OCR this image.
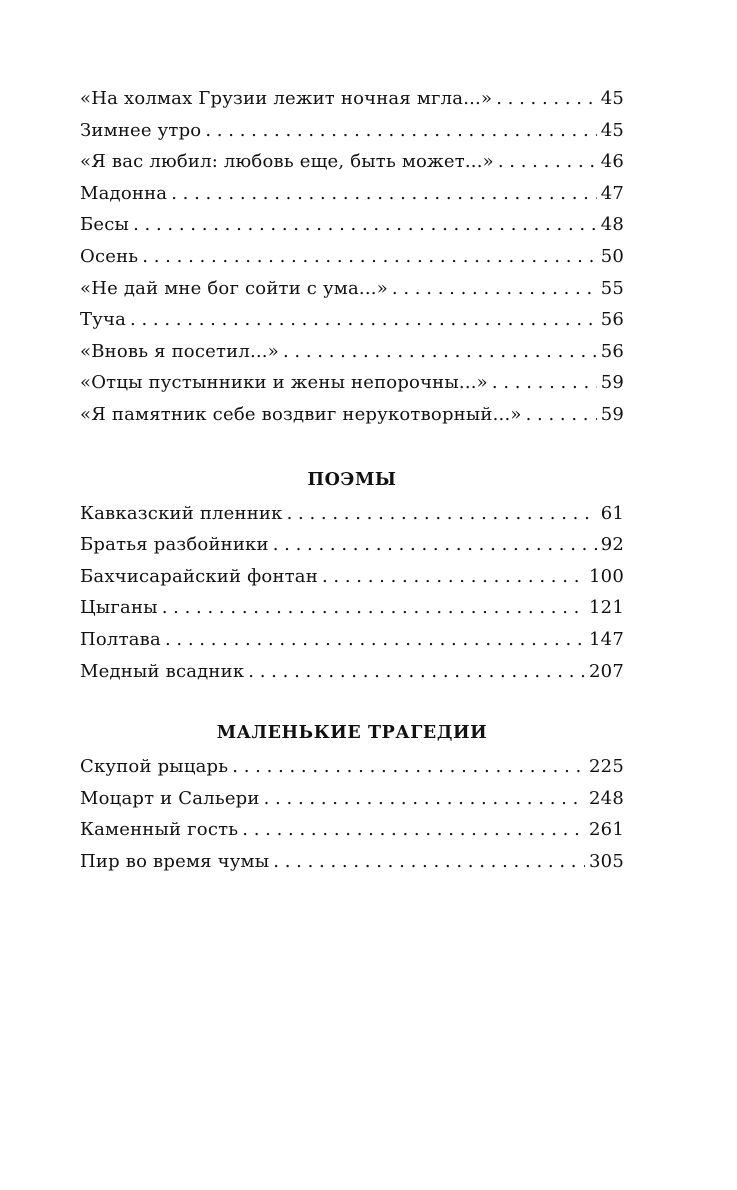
«На холмах Грузии лежит ночная мгла...» . . .	45
Зимнее утро . . .	45
«Я вас любил: любовь еще, быть может...» . . .	46
Мадонна . . .	47
Бесы . . .	48
Осень . . .	50
«Не дай мне бог сойти с ума...» . . .	55
Туча . . .	56
«Вновь я посетил...» . . .	56
«Отцы пустынники и жены непорочны...» . . .	59
«Я памятник себе воздвиг нерукотворный...» . . .	59
ПОЭМЫ
Кавказский пленник . . .	61
Братья разбойники . . .	92
Бахчисарайский фонтан . . .	100
Цыганы . . .	121
Полтава . . .	147
Медный всадник . . .	207
МАЛЕНЬКИЕ ТРАГЕДИИ
Скупой рыцарь . . .	225
Моцарт и Сальери . . .	248
Каменный гость . . .	261
Пир во время чумы . . .	305
